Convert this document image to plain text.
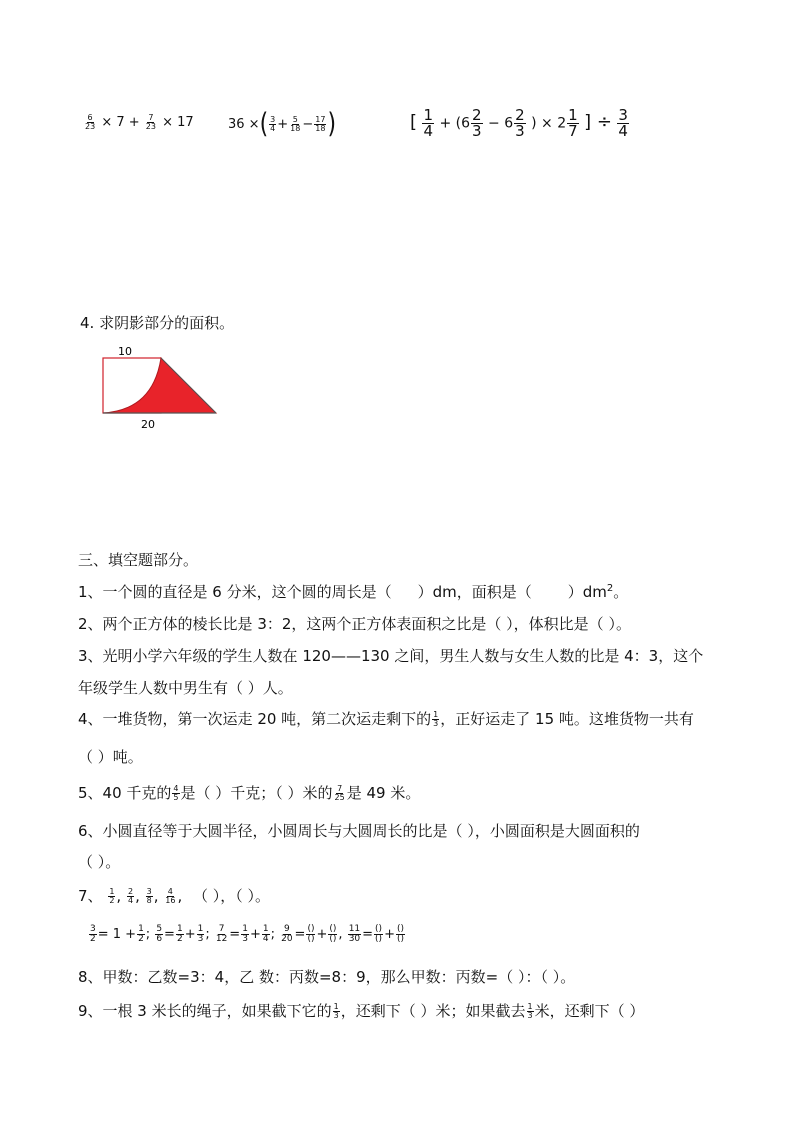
$\frac{6}{23} \times 7 + \frac{7}{23} \times 17$	36 ×( $\frac{3}{4} + \frac{5}{18} - \frac{17}{18}$ )	[ $\frac{1}{4} + (6 \frac{2}{3} - 6 \frac{2}{3}$ ) × $2 \frac{1}{7}$ ] ÷ $\frac{3}{4}$
4. 求阴影部分的面积。
10
20
三、填空题部分。
1、一个圆的直径是 6 分米，这个圆的周长是（ ）dm，面积是（ ）$dm^2$。
2、两个正方体的棱长比是 3：2，这两个正方体表面积之比是（ ），体积比是（ ）。
3、光明小学六年级的学生人数在 120——130 之间，男生人数与女生人数的比是 4：3，这个
年级学生人数中男生有（ ）人。
4、一堆货物，第一次运走 20 吨，第二次运走剩下的 $\frac{1}{3}$ ，正好运走了 15 吨。这堆货物一共有
（ ）吨。
5、40 千克的 $\frac{4}{5}$ 是（ ）千克；（ ）米的 $\frac{7}{25}$ 是 49 米。
6、小圆直径等于大圆半径，小圆周长与大圆周长的比是（ ），小圆面积是大圆面积的
（ ）。
7、 $\frac{1}{2}$ , $\frac{2}{4}$ , $\frac{3}{8}$ , $\frac{4}{16}$ , （ ），（ ）。
$\frac{3}{2} = 1 + \frac{1}{2}$ ; $\frac{5}{6} = \frac{1}{2} + \frac{1}{3}$ ; $\frac{7}{12} = \frac{1}{3} + \frac{1}{4}$ ; $\frac{9}{20} = \frac{()}{()} + \frac{()}{()}$ , $\frac{11}{30} = \frac{()}{()} + \frac{()}{()}$
8、甲数：乙数=3：4，乙 数：丙数=8：9，那么甲数：丙数=（ ）：（ ）。
9、一根 3 米长的绳子，如果截下它的 $\frac{1}{3}$ ，还剩下（ ）米；如果截去 $\frac{1}{3}$ 米，还剩下（ ）
